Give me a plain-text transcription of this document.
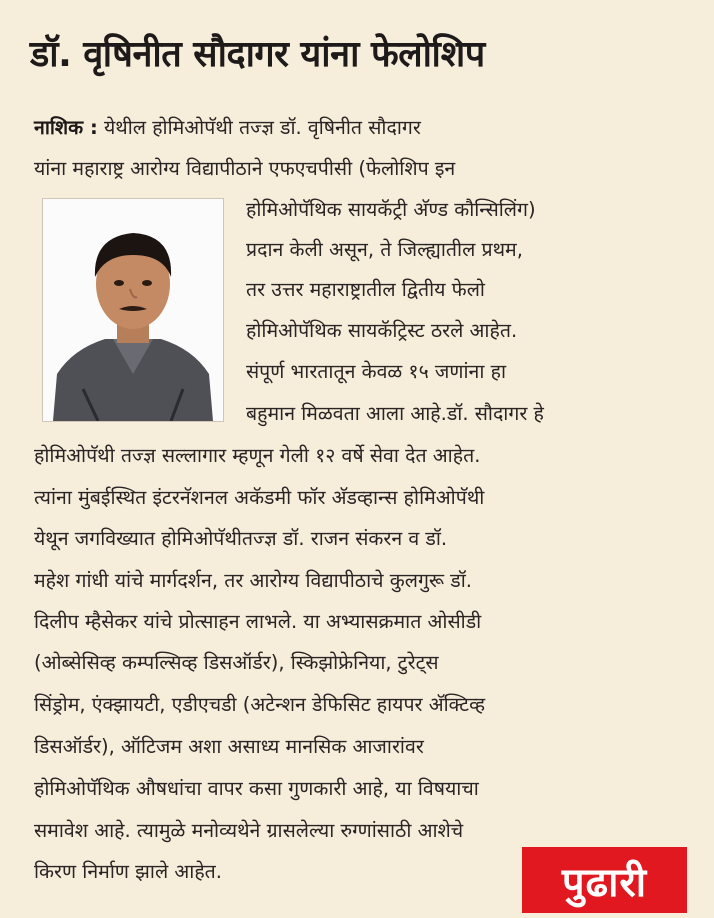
डॉ. वृषिनीत सौदागर यांना फेलोशिप
नाशिक : येथील होमिओपॅथी तज्ज्ञ डॉ. वृषिनीत सौदागर
यांना महाराष्ट्र आरोग्य विद्यापीठाने एफएचपीसी (फेलोशिप इन
होमिओपॅथिक सायकॅट्री अ‍ॅण्ड कौन्सिलिंग)
प्रदान केली असून, ते जिल्ह्यातील प्रथम,
तर उत्तर महाराष्ट्रातील द्वितीय फेलो
होमिओपॅथिक सायकॅट्रिस्ट ठरले आहेत.
संपूर्ण भारतातून केवळ १५ जणांना हा
बहुमान मिळवता आला आहे.डॉ. सौदागर हे
होमिओपॅथी तज्ज्ञ सल्लागार म्हणून गेली १२ वर्षे सेवा देत आहेत.
त्यांना मुंबईस्थित इंटरनॅशनल अकॅडमी फॉर अ‍ॅडव्हान्स होमिओपॅथी
येथून जगविख्यात होमिओपॅथीतज्ज्ञ डॉ. राजन संकरन व डॉ.
महेश गांधी यांचे मार्गदर्शन, तर आरोग्य विद्यापीठाचे कुलगुरू डॉ.
दिलीप म्हैसेकर यांचे प्रोत्साहन लाभले. या अभ्यासक्रमात ओसीडी
(ओब्सेसिव्ह कम्पल्सिव्ह डिसऑर्डर), स्किझोफ्रेनिया, टुरेट्स
सिंड्रोम, एंक्झायटी, एडीएचडी (अटेन्शन डेफिसिट हायपर अ‍ॅक्टिव्ह
डिसऑर्डर), ऑटिजम अशा असाध्य मानसिक आजारांवर
होमिओपॅथिक औषधांचा वापर कसा गुणकारी आहे, या विषयाचा
समावेश आहे. त्यामुळे मनोव्यथेने ग्रासलेल्या रुग्णांसाठी आशेचे
किरण निर्माण झाले आहेत.	पुढारी
